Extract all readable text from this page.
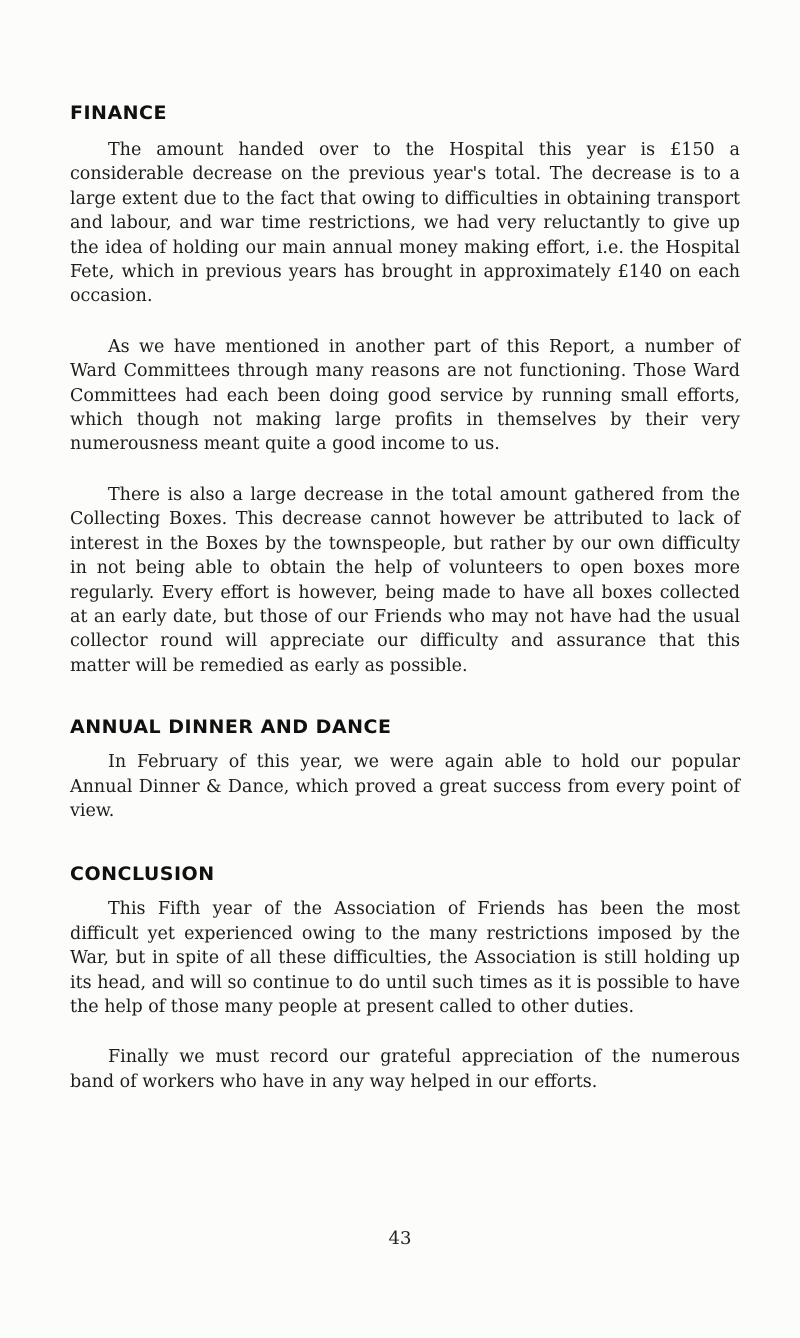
FINANCE

The amount handed over to the Hospital this year is £150 a considerable decrease on the previous year's total. The decrease is to a large extent due to the fact that owing to difficulties in obtaining transport and labour, and war time restrictions, we had very reluctantly to give up the idea of holding our main annual money making effort, i.e. the Hospital Fete, which in previous years has brought in approximately £140 on each occasion.

As we have mentioned in another part of this Report, a number of Ward Committees through many reasons are not functioning. Those Ward Committees had each been doing good service by running small efforts, which though not making large profits in themselves by their very numerousness meant quite a good income to us.

There is also a large decrease in the total amount gathered from the Collecting Boxes. This decrease cannot however be attributed to lack of interest in the Boxes by the townspeople, but rather by our own difficulty in not being able to obtain the help of volunteers to open boxes more regularly. Every effort is however, being made to have all boxes collected at an early date, but those of our Friends who may not have had the usual collector round will appreciate our difficulty and assurance that this matter will be remedied as early as possible.

ANNUAL DINNER AND DANCE

In February of this year, we were again able to hold our popular Annual Dinner & Dance, which proved a great success from every point of view.

CONCLUSION

This Fifth year of the Association of Friends has been the most difficult yet experienced owing to the many restrictions imposed by the War, but in spite of all these difficulties, the Association is still holding up its head, and will so continue to do until such times as it is possible to have the help of those many people at present called to other duties.

Finally we must record our grateful appreciation of the numerous band of workers who have in any way helped in our efforts.

43
